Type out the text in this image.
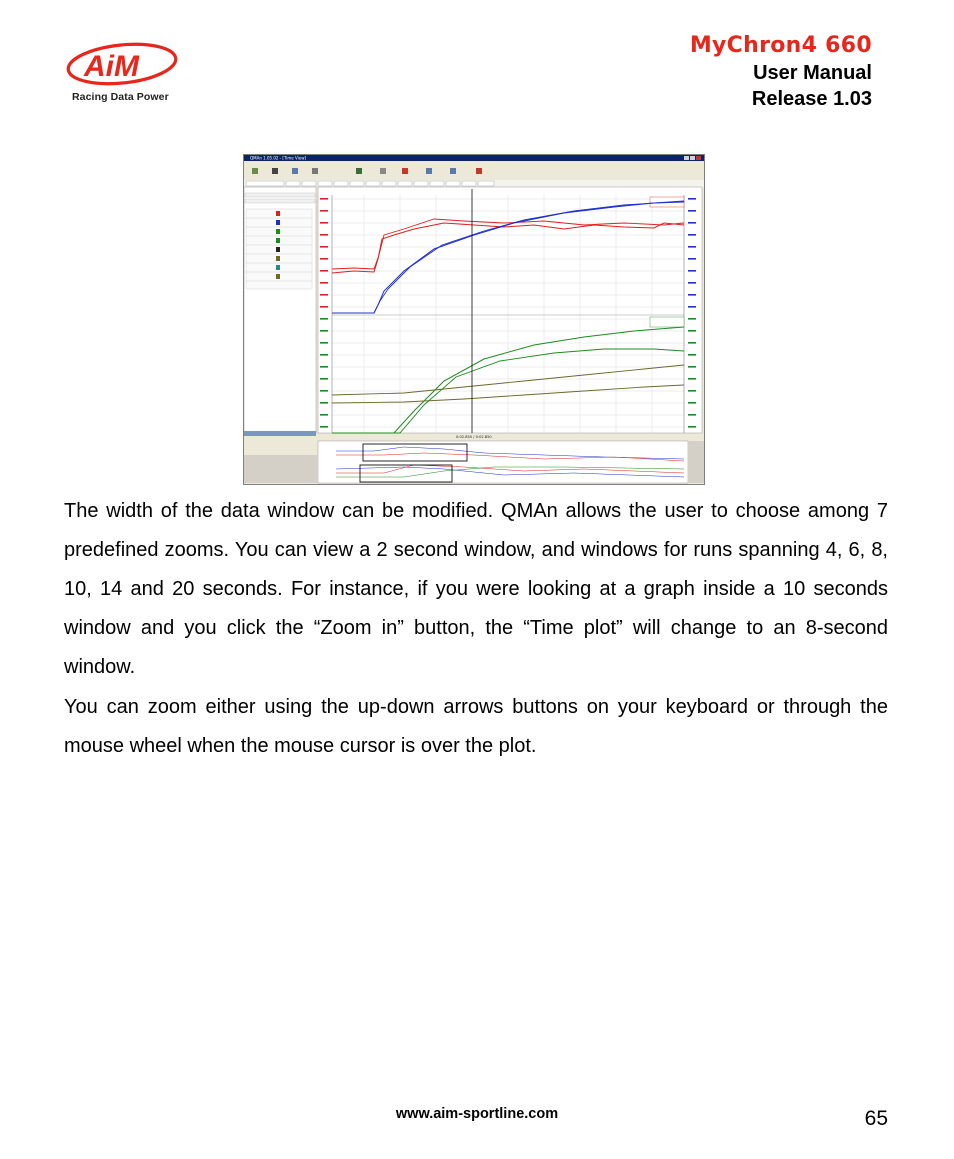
AiM
Racing Data Power
MyChron4 660
User Manual
Release 1.03
QMAn 1.05.02 - [Time View]
0:02.850 / 0:02.850
The width of the data window can be modified. QMAn allows the user to choose among 7 predefined zooms. You can view a 2 second window, and windows for runs spanning 4, 6, 8, 10, 14 and 20 seconds. For instance, if you were looking at a graph inside a 10 seconds window and you click the “Zoom in” button, the “Time plot” will change to an 8-second window.
You can zoom either using the up-down arrows buttons on your keyboard or through the mouse wheel when the mouse cursor is over the plot.
www.aim-sportline.com	65
